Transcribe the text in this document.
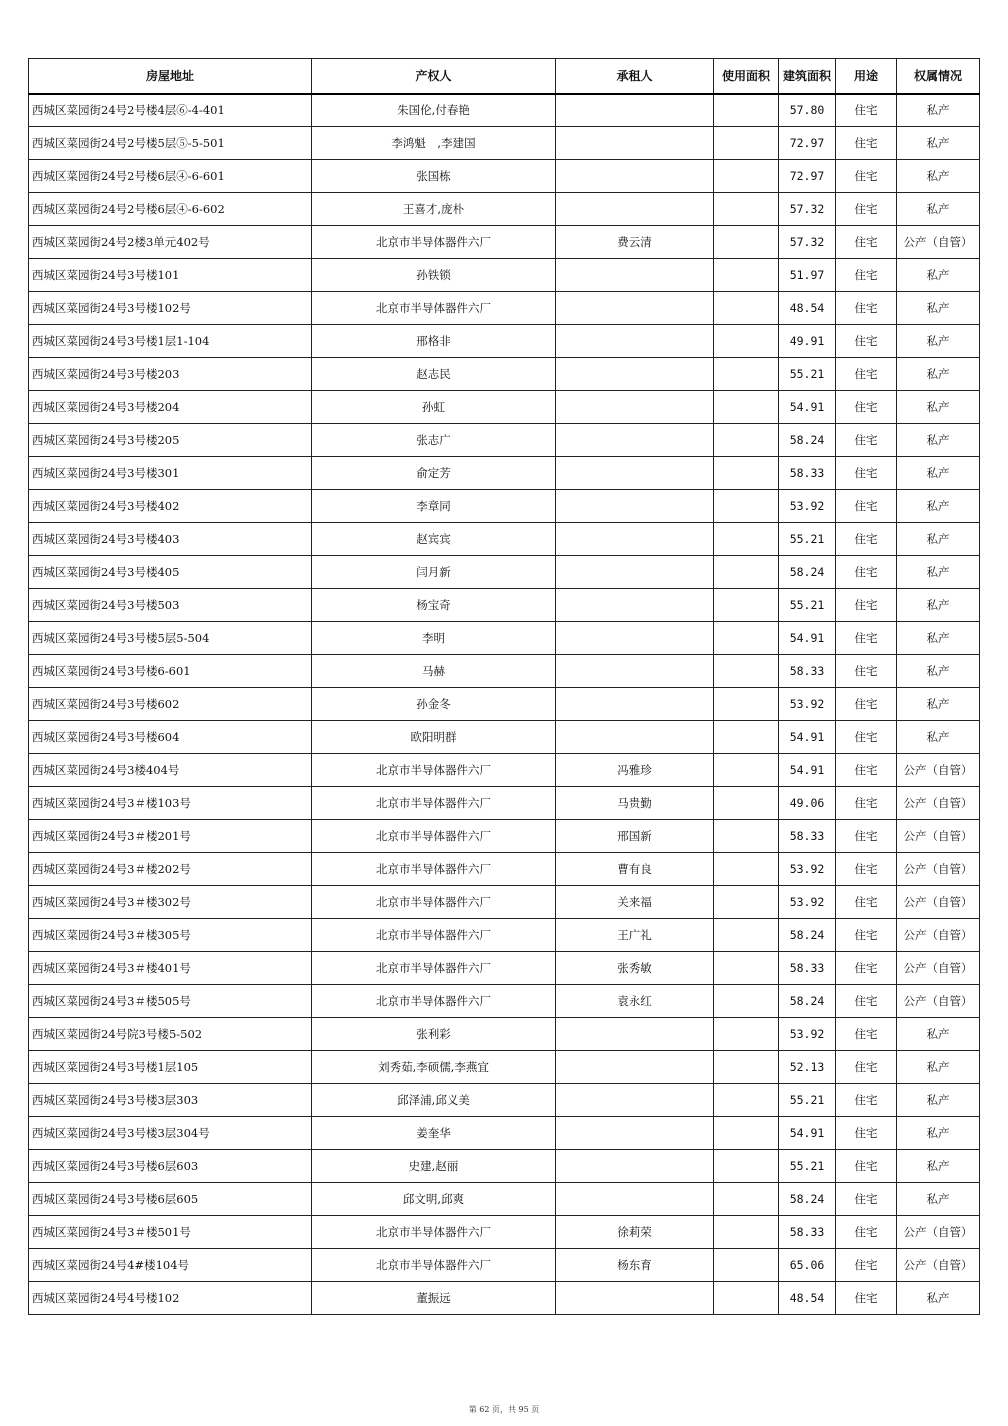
房屋地址	产权人	承租人	使用面积	建筑面积	用途	权属情况
西城区菜园街24号2号楼4层⑥-4-401	朱国伦,付春艳			57.80	住宅	私产
西城区菜园街24号2号楼5层⑤-5-501	李鸿魁　,李建国			72.97	住宅	私产
西城区菜园街24号2号楼6层④-6-601	张国栋			72.97	住宅	私产
西城区菜园街24号2号楼6层④-6-602	王喜才,庞朴			57.32	住宅	私产
西城区菜园街24号2楼3单元402号	北京市半导体器件六厂	费云清		57.32	住宅	公产（自管）
西城区菜园街24号3号楼101	孙铁锁			51.97	住宅	私产
西城区菜园街24号3号楼102号	北京市半导体器件六厂			48.54	住宅	私产
西城区菜园街24号3号楼1层1-104	邢格非			49.91	住宅	私产
西城区菜园街24号3号楼203	赵志民			55.21	住宅	私产
西城区菜园街24号3号楼204	孙虹			54.91	住宅	私产
西城区菜园街24号3号楼205	张志广			58.24	住宅	私产
西城区菜园街24号3号楼301	俞定芳			58.33	住宅	私产
西城区菜园街24号3号楼402	李章同			53.92	住宅	私产
西城区菜园街24号3号楼403	赵宾宾			55.21	住宅	私产
西城区菜园街24号3号楼405	闫月新			58.24	住宅	私产
西城区菜园街24号3号楼503	杨宝奇			55.21	住宅	私产
西城区菜园街24号3号楼5层5-504	李明			54.91	住宅	私产
西城区菜园街24号3号楼6-601	马赫			58.33	住宅	私产
西城区菜园街24号3号楼602	孙金冬			53.92	住宅	私产
西城区菜园街24号3号楼604	欧阳明群			54.91	住宅	私产
西城区菜园街24号3楼404号	北京市半导体器件六厂	冯雅珍		54.91	住宅	公产（自管）
西城区菜园街24号3＃楼103号	北京市半导体器件六厂	马贵勤		49.06	住宅	公产（自管）
西城区菜园街24号3＃楼201号	北京市半导体器件六厂	邢国新		58.33	住宅	公产（自管）
西城区菜园街24号3＃楼202号	北京市半导体器件六厂	曹有良		53.92	住宅	公产（自管）
西城区菜园街24号3＃楼302号	北京市半导体器件六厂	关来福		53.92	住宅	公产（自管）
西城区菜园街24号3＃楼305号	北京市半导体器件六厂	王广礼		58.24	住宅	公产（自管）
西城区菜园街24号3＃楼401号	北京市半导体器件六厂	张秀敏		58.33	住宅	公产（自管）
西城区菜园街24号3＃楼505号	北京市半导体器件六厂	袁永红		58.24	住宅	公产（自管）
西城区菜园街24号院3号楼5-502	张利彩			53.92	住宅	私产
西城区菜园街24号3号楼1层105	刘秀茹,李硕儒,李燕宜			52.13	住宅	私产
西城区菜园街24号3号楼3层303	邱泽浦,邱义美			55.21	住宅	私产
西城区菜园街24号3号楼3层304号	姜奎华			54.91	住宅	私产
西城区菜园街24号3号楼6层603	史建,赵丽			55.21	住宅	私产
西城区菜园街24号3号楼6层605	邱文明,邱爽			58.24	住宅	私产
西城区菜园街24号3＃楼501号	北京市半导体器件六厂	徐莉荣		58.33	住宅	公产（自管）
西城区菜园街24号4#楼104号	北京市半导体器件六厂	杨东育		65.06	住宅	公产（自管）
西城区菜园街24号4号楼102	董振远			48.54	住宅	私产
第 62 页，共 95 页
